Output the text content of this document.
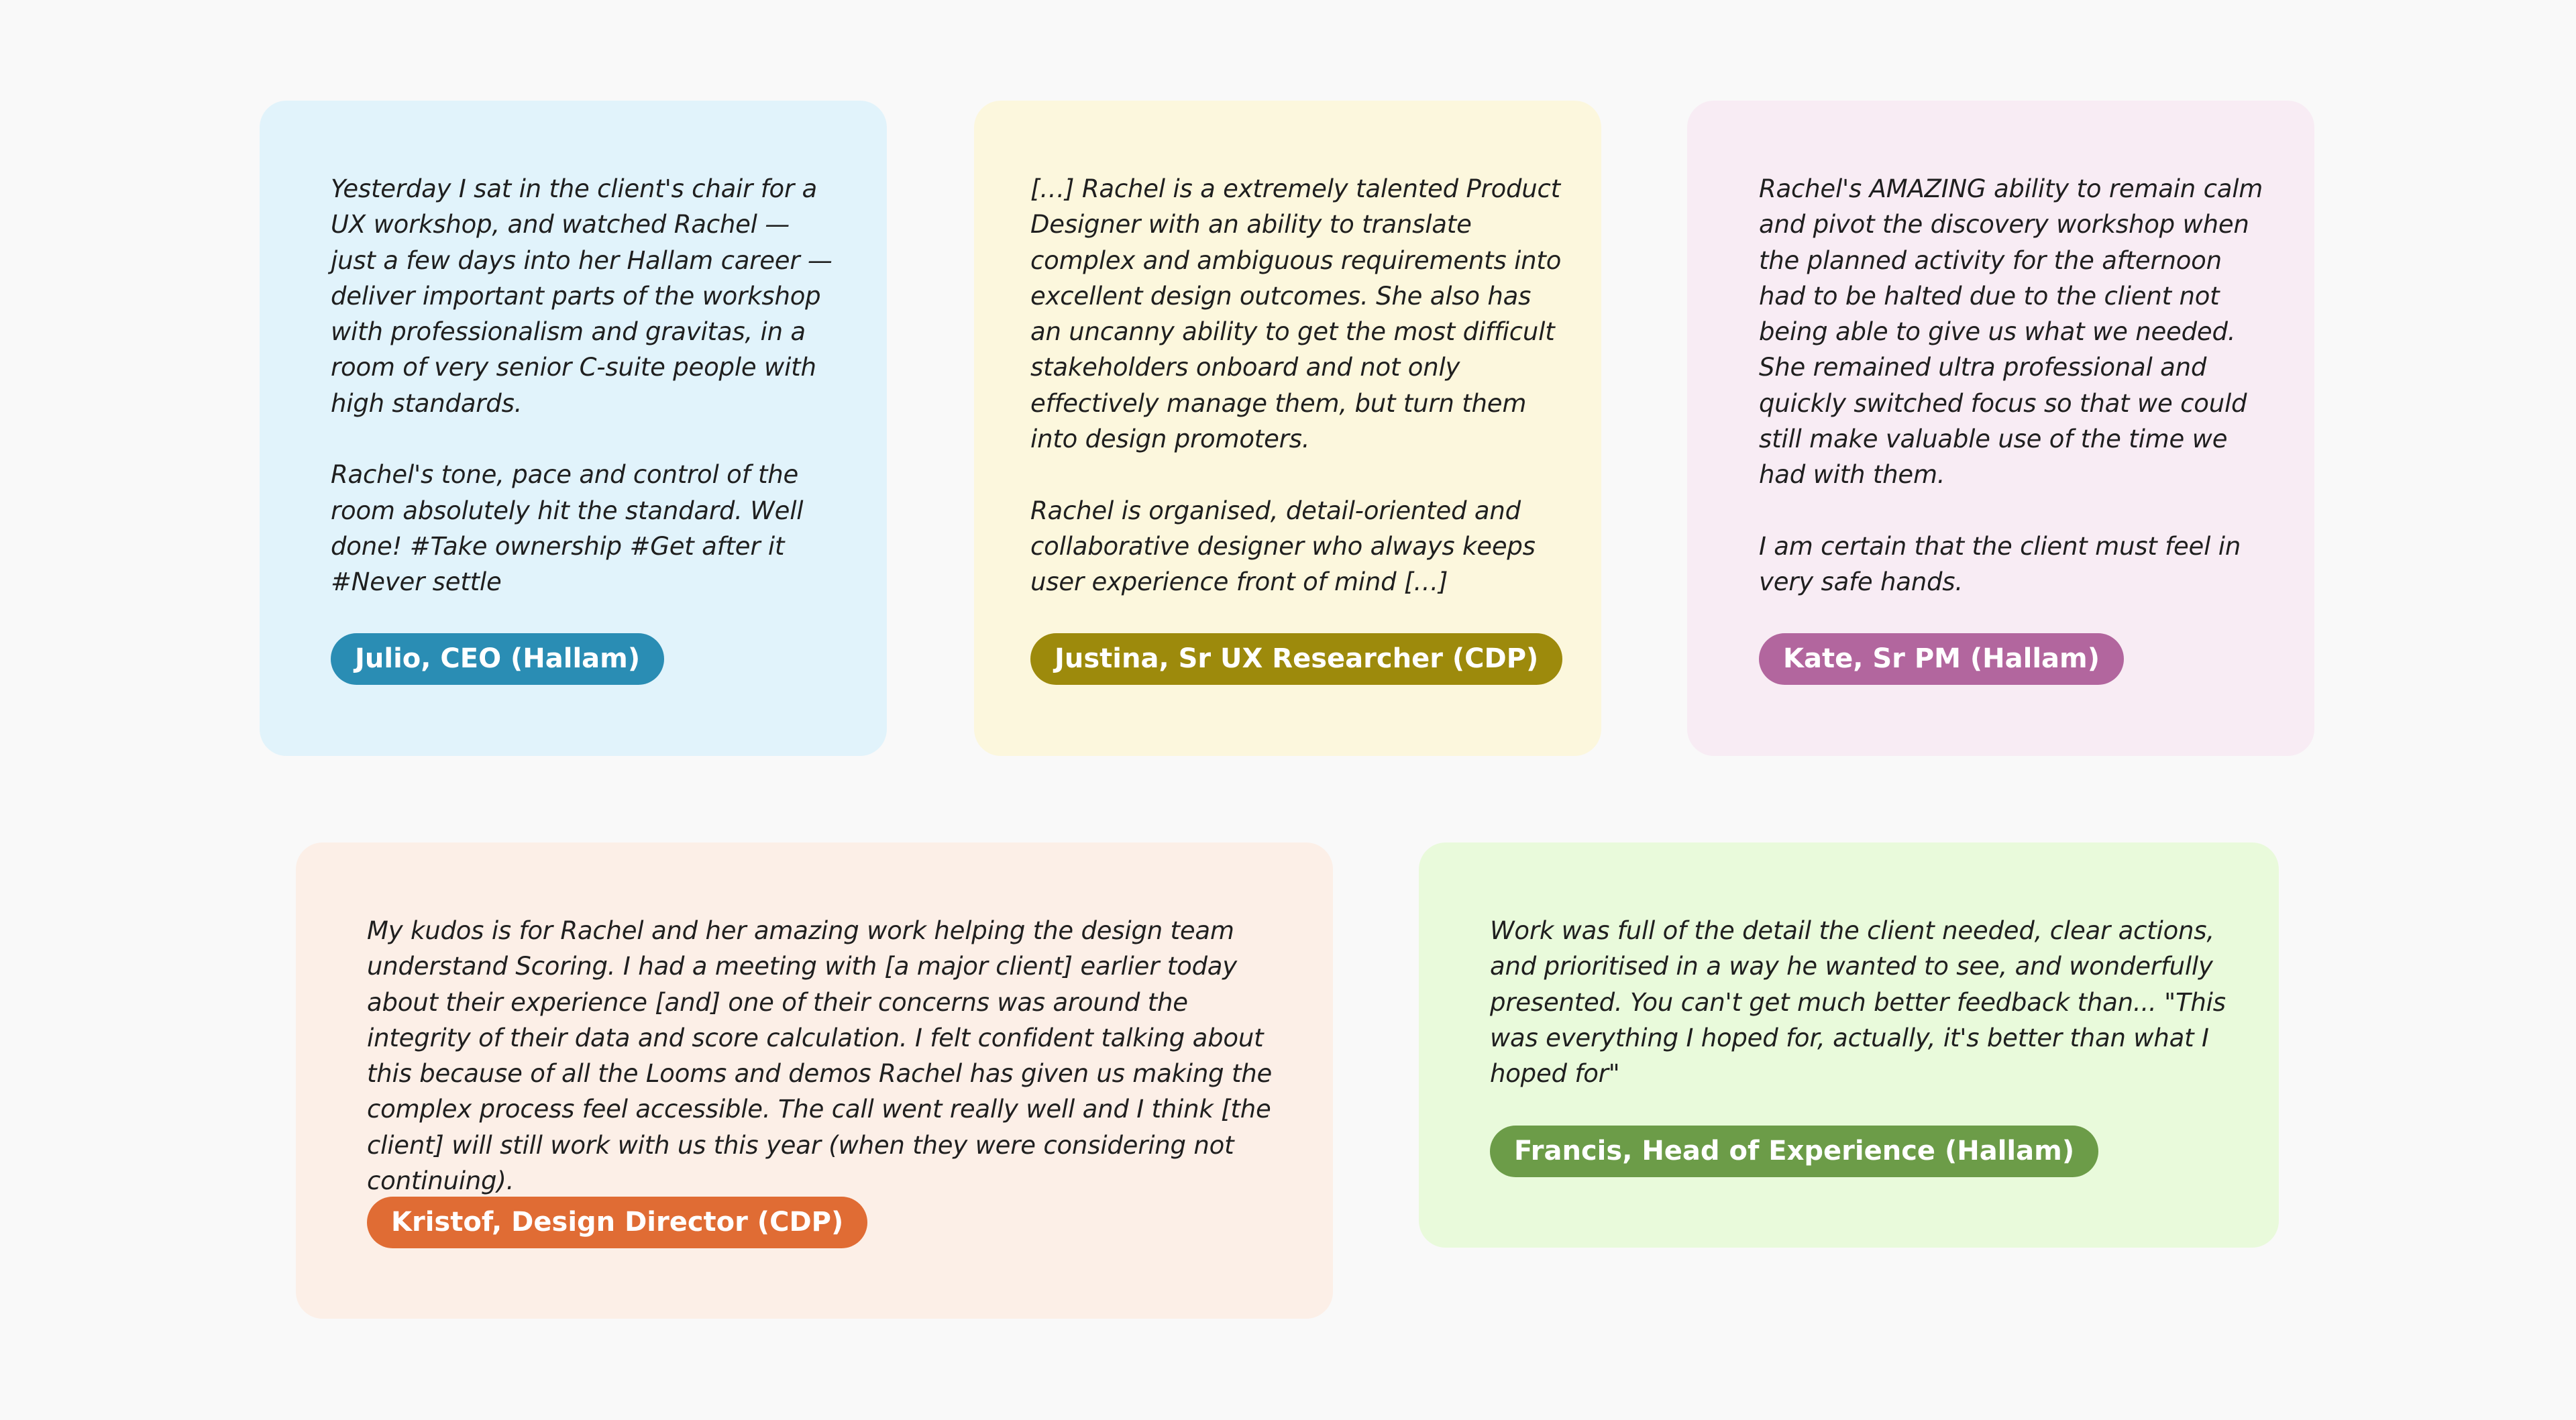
Yesterday I sat in the client's chair for a UX workshop, and watched Rachel — just a few days into her Hallam career — deliver important parts of the workshop with professionalism and gravitas, in a room of very senior C-suite people with high standards.

Rachel's tone, pace and control of the room absolutely hit the standard. Well done! #Take ownership #Get after it #Never settle

Julio, CEO (Hallam)

[…] Rachel is a extremely talented Product Designer with an ability to translate complex and ambiguous requirements into excellent design outcomes. She also has an uncanny ability to get the most difficult stakeholders onboard and not only effectively manage them, but turn them into design promoters.

Rachel is organised, detail-oriented and collaborative designer who always keeps user experience front of mind […]

Justina, Sr UX Researcher (CDP)

Rachel's AMAZING ability to remain calm and pivot the discovery workshop when the planned activity for the afternoon had to be halted due to the client not being able to give us what we needed. She remained ultra professional and quickly switched focus so that we could still make valuable use of the time we had with them.

I am certain that the client must feel in very safe hands.

Kate, Sr PM (Hallam)

My kudos is for Rachel and her amazing work helping the design team understand Scoring. I had a meeting with [a major client] earlier today about their experience [and] one of their concerns was around the integrity of their data and score calculation. I felt confident talking about this because of all the Looms and demos Rachel has given us making the complex process feel accessible. The call went really well and I think [the client] will still work with us this year (when they were considering not continuing).

Kristof, Design Director (CDP)

Work was full of the detail the client needed, clear actions, and prioritised in a way he wanted to see, and wonderfully presented. You can't get much better feedback than... "This was everything I hoped for, actually, it's better than what I hoped for"

Francis, Head of Experience (Hallam)
